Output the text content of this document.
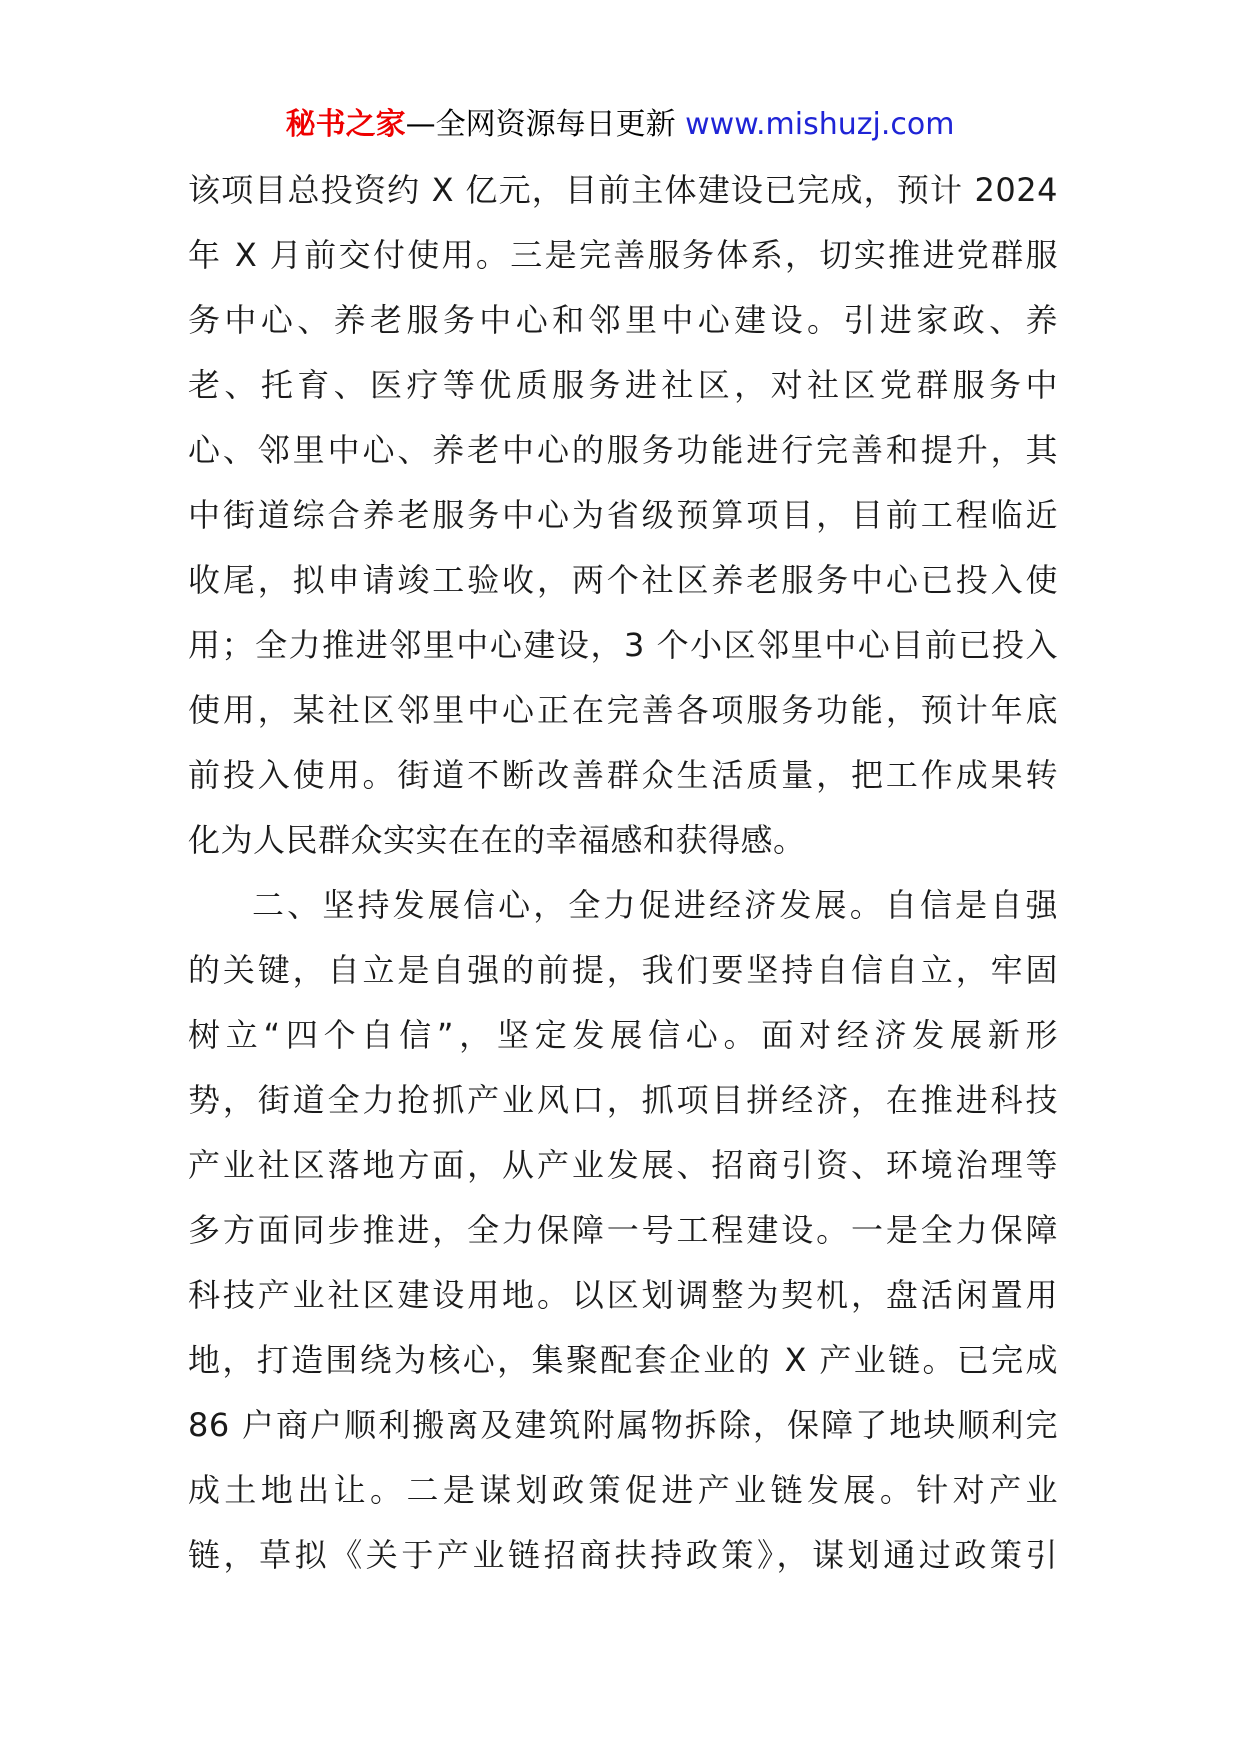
秘书之家—全网资源每日更新 www.mishuzj.com
该项目总投资约 X 亿元，目前主体建设已完成，预计 2024
年 X 月前交付使用。三是完善服务体系，切实推进党群服
务中心、养老服务中心和邻里中心建设。引进家政、养
老、托育、医疗等优质服务进社区，对社区党群服务中
心、邻里中心、养老中心的服务功能进行完善和提升，其
中街道综合养老服务中心为省级预算项目，目前工程临近
收尾，拟申请竣工验收，两个社区养老服务中心已投入使
用；全力推进邻里中心建设，3 个小区邻里中心目前已投入
使用，某社区邻里中心正在完善各项服务功能，预计年底
前投入使用。街道不断改善群众生活质量，把工作成果转
化为人民群众实实在在的幸福感和获得感。
二、坚持发展信心，全力促进经济发展。自信是自强
的关键，自立是自强的前提，我们要坚持自信自立，牢固
树立“四个自信”，坚定发展信心。面对经济发展新形
势，街道全力抢抓产业风口，抓项目拼经济，在推进科技
产业社区落地方面，从产业发展、招商引资、环境治理等
多方面同步推进，全力保障一号工程建设。一是全力保障
科技产业社区建设用地。以区划调整为契机，盘活闲置用
地，打造围绕为核心，集聚配套企业的 X 产业链。已完成
86 户商户顺利搬离及建筑附属物拆除，保障了地块顺利完
成土地出让。二是谋划政策促进产业链发展。针对产业
链，草拟《关于产业链招商扶持政策》，谋划通过政策引
